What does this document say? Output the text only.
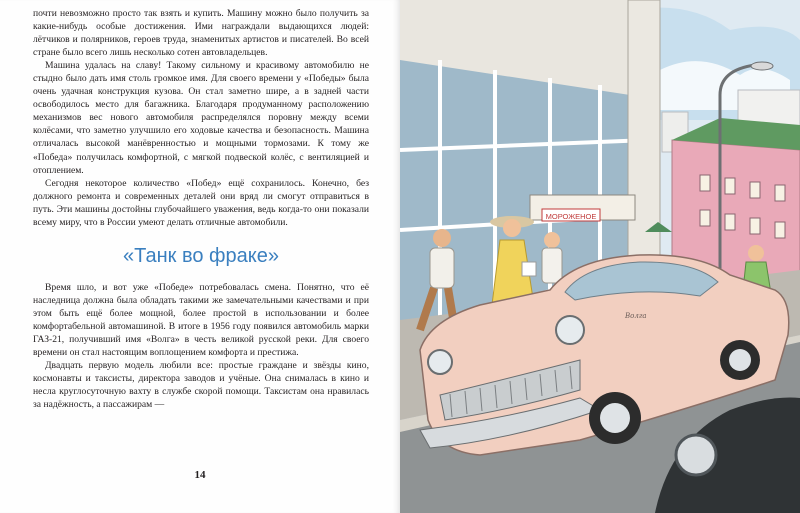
почти невозможно просто так взять и купить. Машину можно было получить за какие-нибудь особые достижения. Ими награждали выдающихся людей: лётчиков и полярников, героев труда, знаменитых артистов и писателей. Во всей стране было всего лишь несколько сотен автовладельцев.

Машина удалась на славу! Такому сильному и красивому автомобилю не стыдно было дать имя столь громкое имя. Для своего времени у «Победы» была очень удачная конструкция кузова. Он стал заметно шире, а в задней части освободилось место для багажника. Благодаря продуманному расположению механизмов вес нового автомобиля распределялся поровну между всеми колёсами, что заметно улучшило его ходовые качества и безопасность. Машина отличалась высокой манёвренностью и мощными тормозами. К тому же «Победа» получилась комфортной, с мягкой подвеской колёс, с вентиляцией и отоплением.

Сегодня некоторое количество «Побед» ещё сохранилось. Конечно, без должного ремонта и современных деталей они вряд ли смогут отправиться в путь. Эти машины достойны глубочайшего уважения, ведь когда-то они показали всему миру, что в России умеют делать отличные автомобили.

«Танк во фраке»

Время шло, и вот уже «Победе» потребовалась смена. Понятно, что её наследница должна была обладать такими же замечательными качествами и при этом быть ещё более мощной, более простой в использовании и более комфортабельной автомашиной. В итоге в 1956 году появился автомобиль марки ГАЗ-21, получивший имя «Волга» в честь великой русской реки. Для своего времени он стал настоящим воплощением комфорта и престижа.

Двадцать первую модель любили все: простые граждане и звёзды кино, космонавты и таксисты, директора заводов и учёные. Она снималась в кино и несла круглосуточную вахту в службе скорой помощи. Таксистам она нравилась за надёжность, а пассажирам —

14
МОРОЖЕНОЕ
Волга
